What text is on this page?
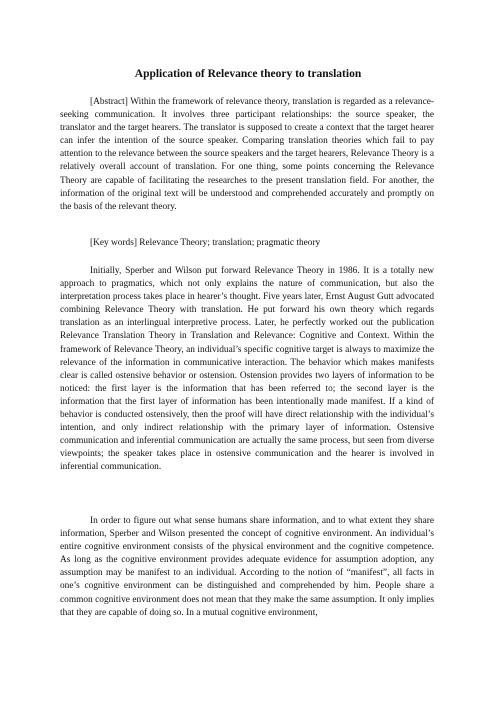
Application of Relevance theory to translation

[Abstract] Within the framework of relevance theory, translation is regarded as a relevance-seeking communication. It involves three participant relationships: the source speaker, the translator and the target hearers. The translator is supposed to create a context that the target hearer can infer the intention of the source speaker. Comparing translation theories which fail to pay attention to the relevance between the source speakers and the target hearers, Relevance Theory is a relatively overall account of translation. For one thing, some points concerning the Relevance Theory are capable of facilitating the researches to the present translation field. For another, the information of the original text will be understood and comprehended accurately and promptly on the basis of the relevant theory.

[Key words] Relevance Theory; translation; pragmatic theory

Initially, Sperber and Wilson put forward Relevance Theory in 1986. It is a totally new approach to pragmatics, which not only explains the nature of communication, but also the interpretation process takes place in hearer’s thought. Five years later, Ernst August Gutt advocated combining Relevance Theory with translation. He put forward his own theory which regards translation as an interlingual interpretive process. Later, he perfectly worked out the publication Relevance Translation Theory in Translation and Relevance: Cognitive and Context. Within the framework of Relevance Theory, an individual’s specific cognitive target is always to maximize the relevance of the information in communicative interaction. The behavior which makes manifests clear is called ostensive behavior or ostension. Ostension provides two layers of information to be noticed: the first layer is the information that has been referred to; the second layer is the information that the first layer of information has been intentionally made manifest. If a kind of behavior is conducted ostensively, then the proof will have direct relationship with the individual’s intention, and only indirect relationship with the primary layer of information. Ostensive communication and inferential communication are actually the same process, but seen from diverse viewpoints; the speaker takes place in ostensive communication and the hearer is involved in inferential communication.

In order to figure out what sense humans share information, and to what extent they share information, Sperber and Wilson presented the concept of cognitive environment. An individual’s entire cognitive environment consists of the physical environment and the cognitive competence. As long as the cognitive environment provides adequate evidence for assumption adoption, any assumption may be manifest to an individual. According to the notion of “manifest”, all facts in one’s cognitive environment can be distinguished and comprehended by him. People share a common cognitive environment does not mean that they make the same assumption. It only implies that they are capable of doing so. In a mutual cognitive environment,
